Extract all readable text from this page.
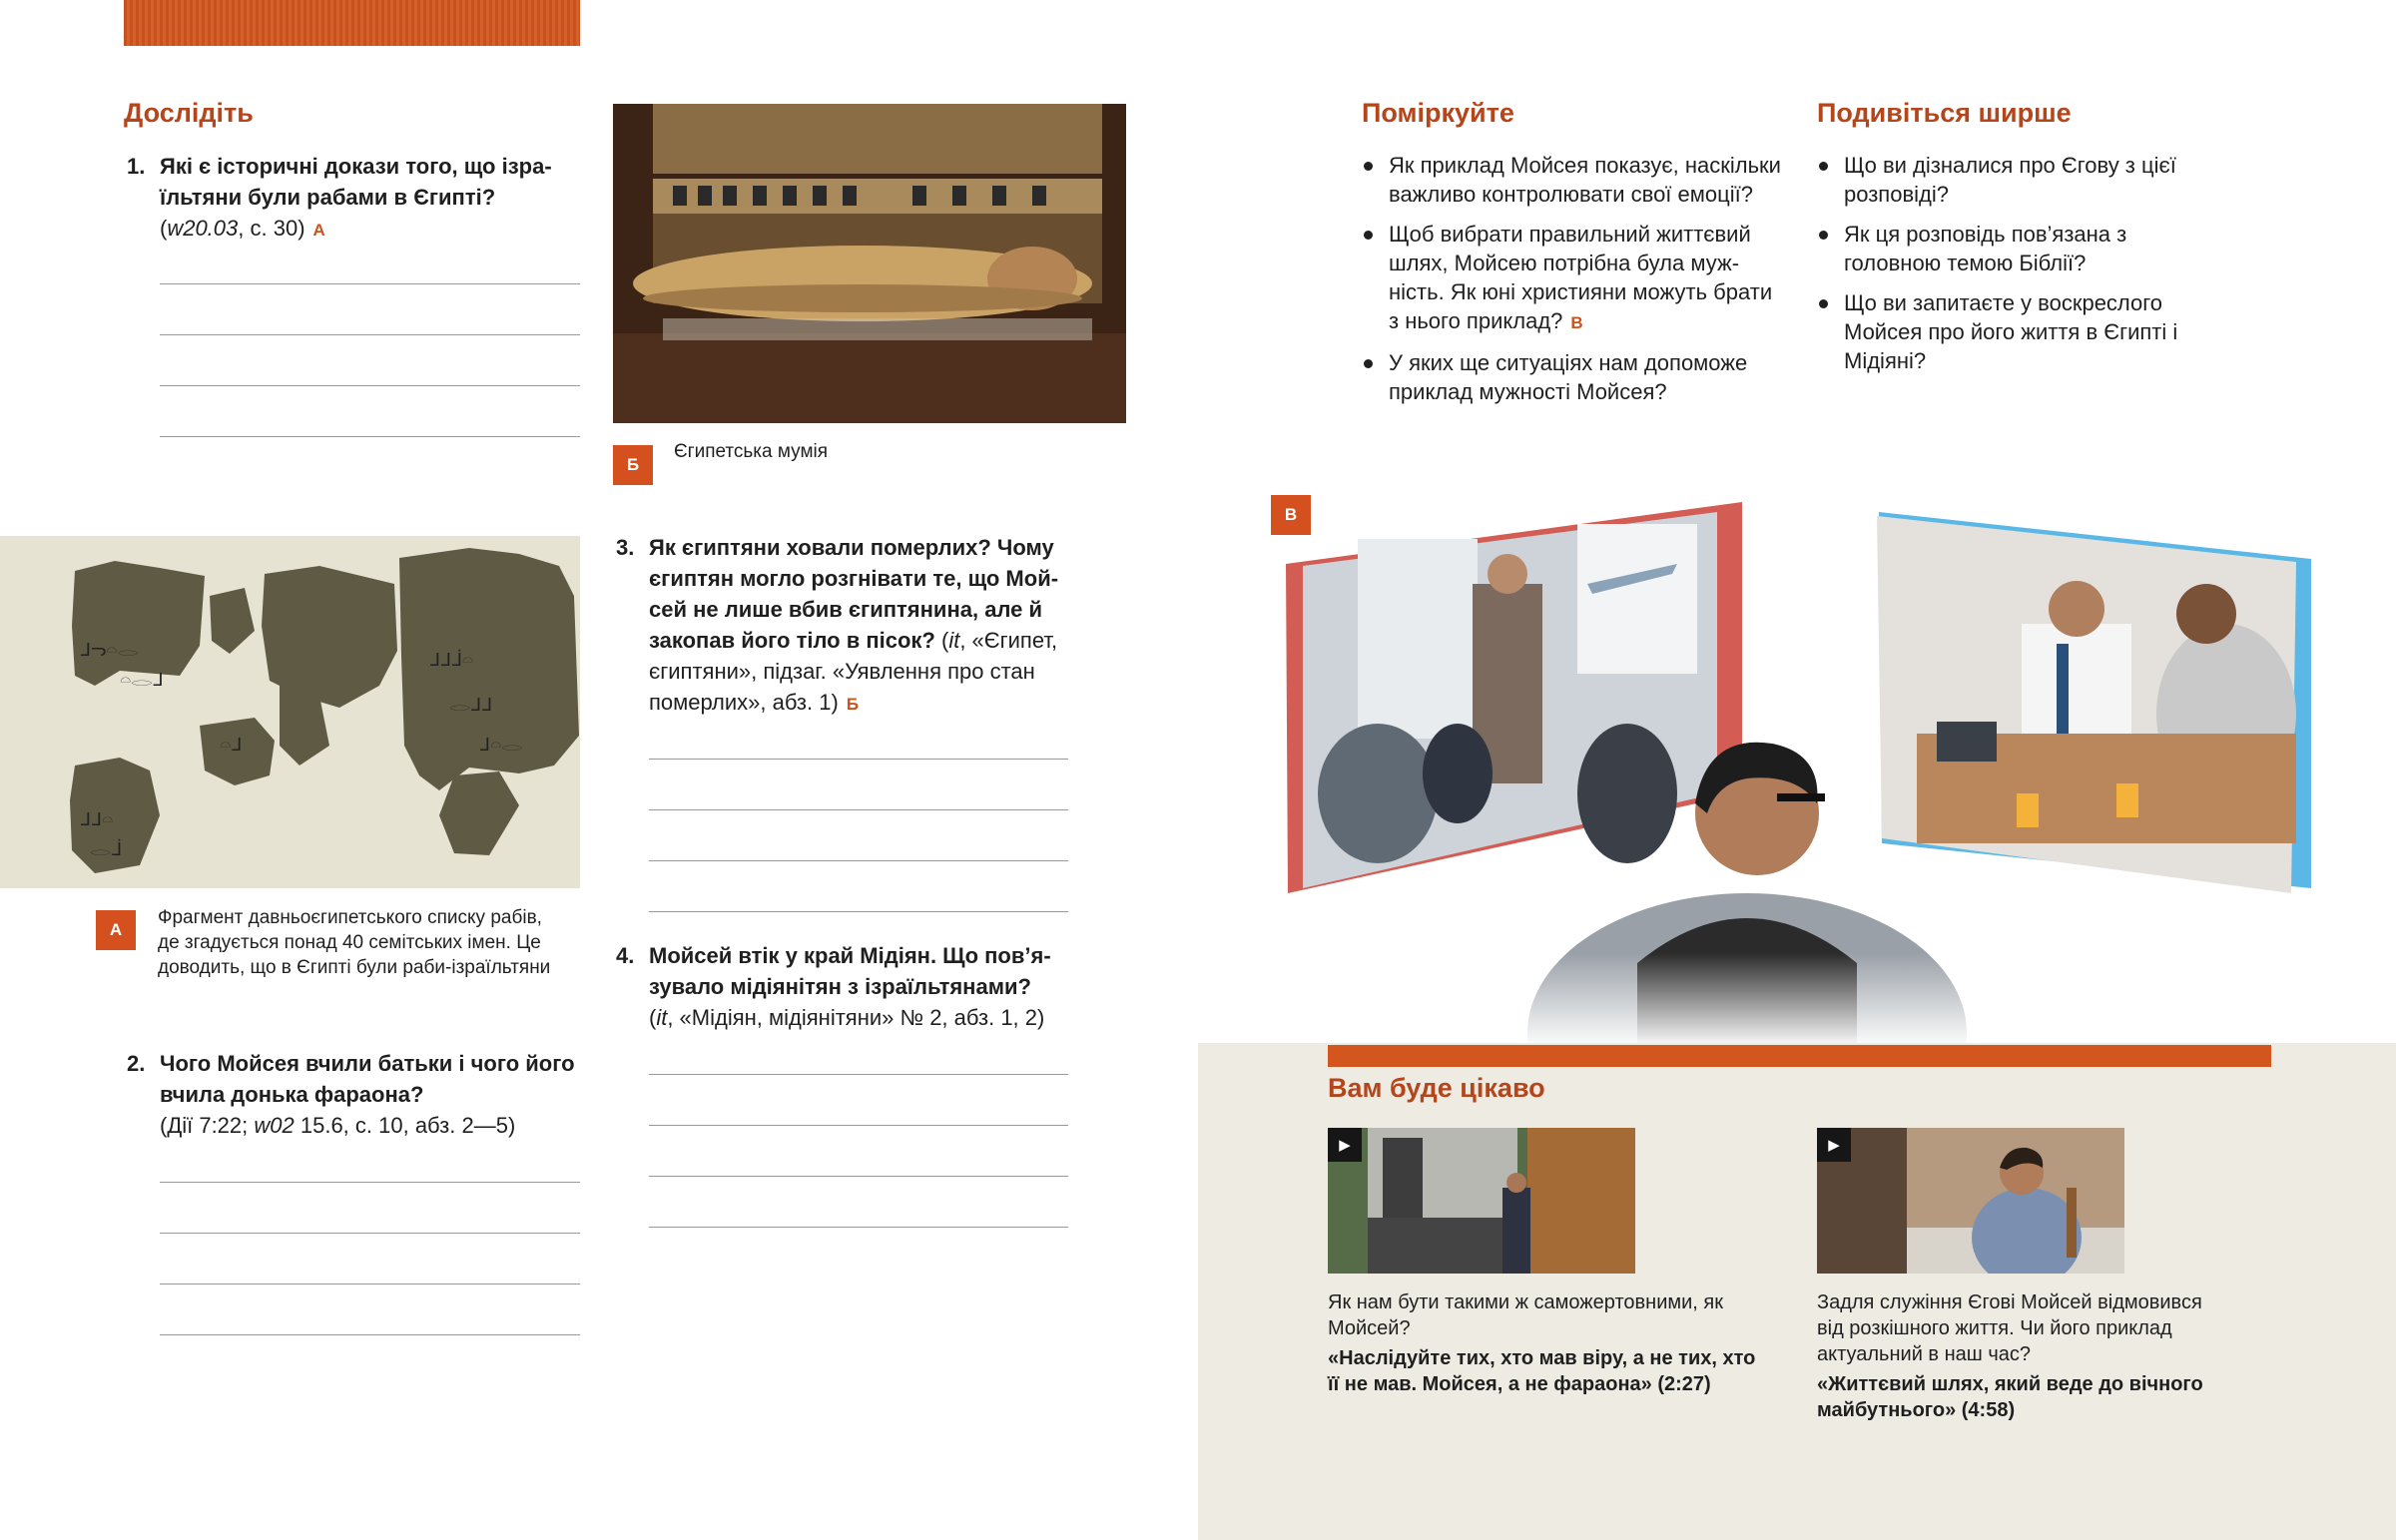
Дослідіть
1. Які є історичні докази того, що ізраїльтяни були рабами в Єгипті?
(w20.03, с. 30) А
ᒧᓓ𓏏𓂋
𓏏𓂋ᒧ
ᒧᒧᒨ𓏏
𓂋ᒧᒧ
ᒧ𓏏𓂋
ᒧᒧ𓏏
𓂋ᒨ
𓏏ᒧ
А
Фрагмент давньоєгипетського списку рабів, де згадується понад 40 семітських імен. Це доводить, що в Єгипті були раби-ізраїльтяни
2. Чого Мойсея вчили батьки і чого його вчила донька фараона?
(Дії 7:22; w02 15.6, с. 10, абз. 2—5)
Б
Єгипетська мумія
3. Як єгиптяни ховали померлих? Чому єгиптян могло розгнівати те, що Мойсей не лише вбив єгиптянина, але й закопав його тіло в пісок? (it, «Єгипет, єгиптяни», підзаг. «Уявлення про стан померлих», абз. 1) Б
4. Мойсей втік у край Мідіян. Що пов’язувало мідіянітян з ізраїльтянами?
(it, «Мідіян, мідіянітяни» № 2, абз. 1, 2)
Поміркуйте
Як приклад Мойсея показує, наскільки важливо контролювати свої емоції?
Щоб вибрати правильний життєвий шлях, Мойсею потрібна була мужність. Як юні християни можуть брати з нього приклад? В
У яких ще ситуаціях нам допоможе приклад мужності Мойсея?
Подивіться ширше
Що ви дізналися про Єгову з цієї розповіді?
Як ця розповідь пов’язана з головною темою Біблії?
Що ви запитаєте у воскреслого Мойсея про його життя в Єгипті і Мідіяні?
В
Вам буде цікаво
▶
Як нам бути такими ж саможертовними, як Мойсей?
«Наслідуйте тих, хто мав віру, а не тих, хто її не мав. Мойсея, а не фараона» (2:27)
▶
Задля служіння Єгові Мойсей відмовився від розкішного життя. Чи його приклад актуальний в наш час?
«Життєвий шлях, який веде до вічного майбутнього» (4:58)
